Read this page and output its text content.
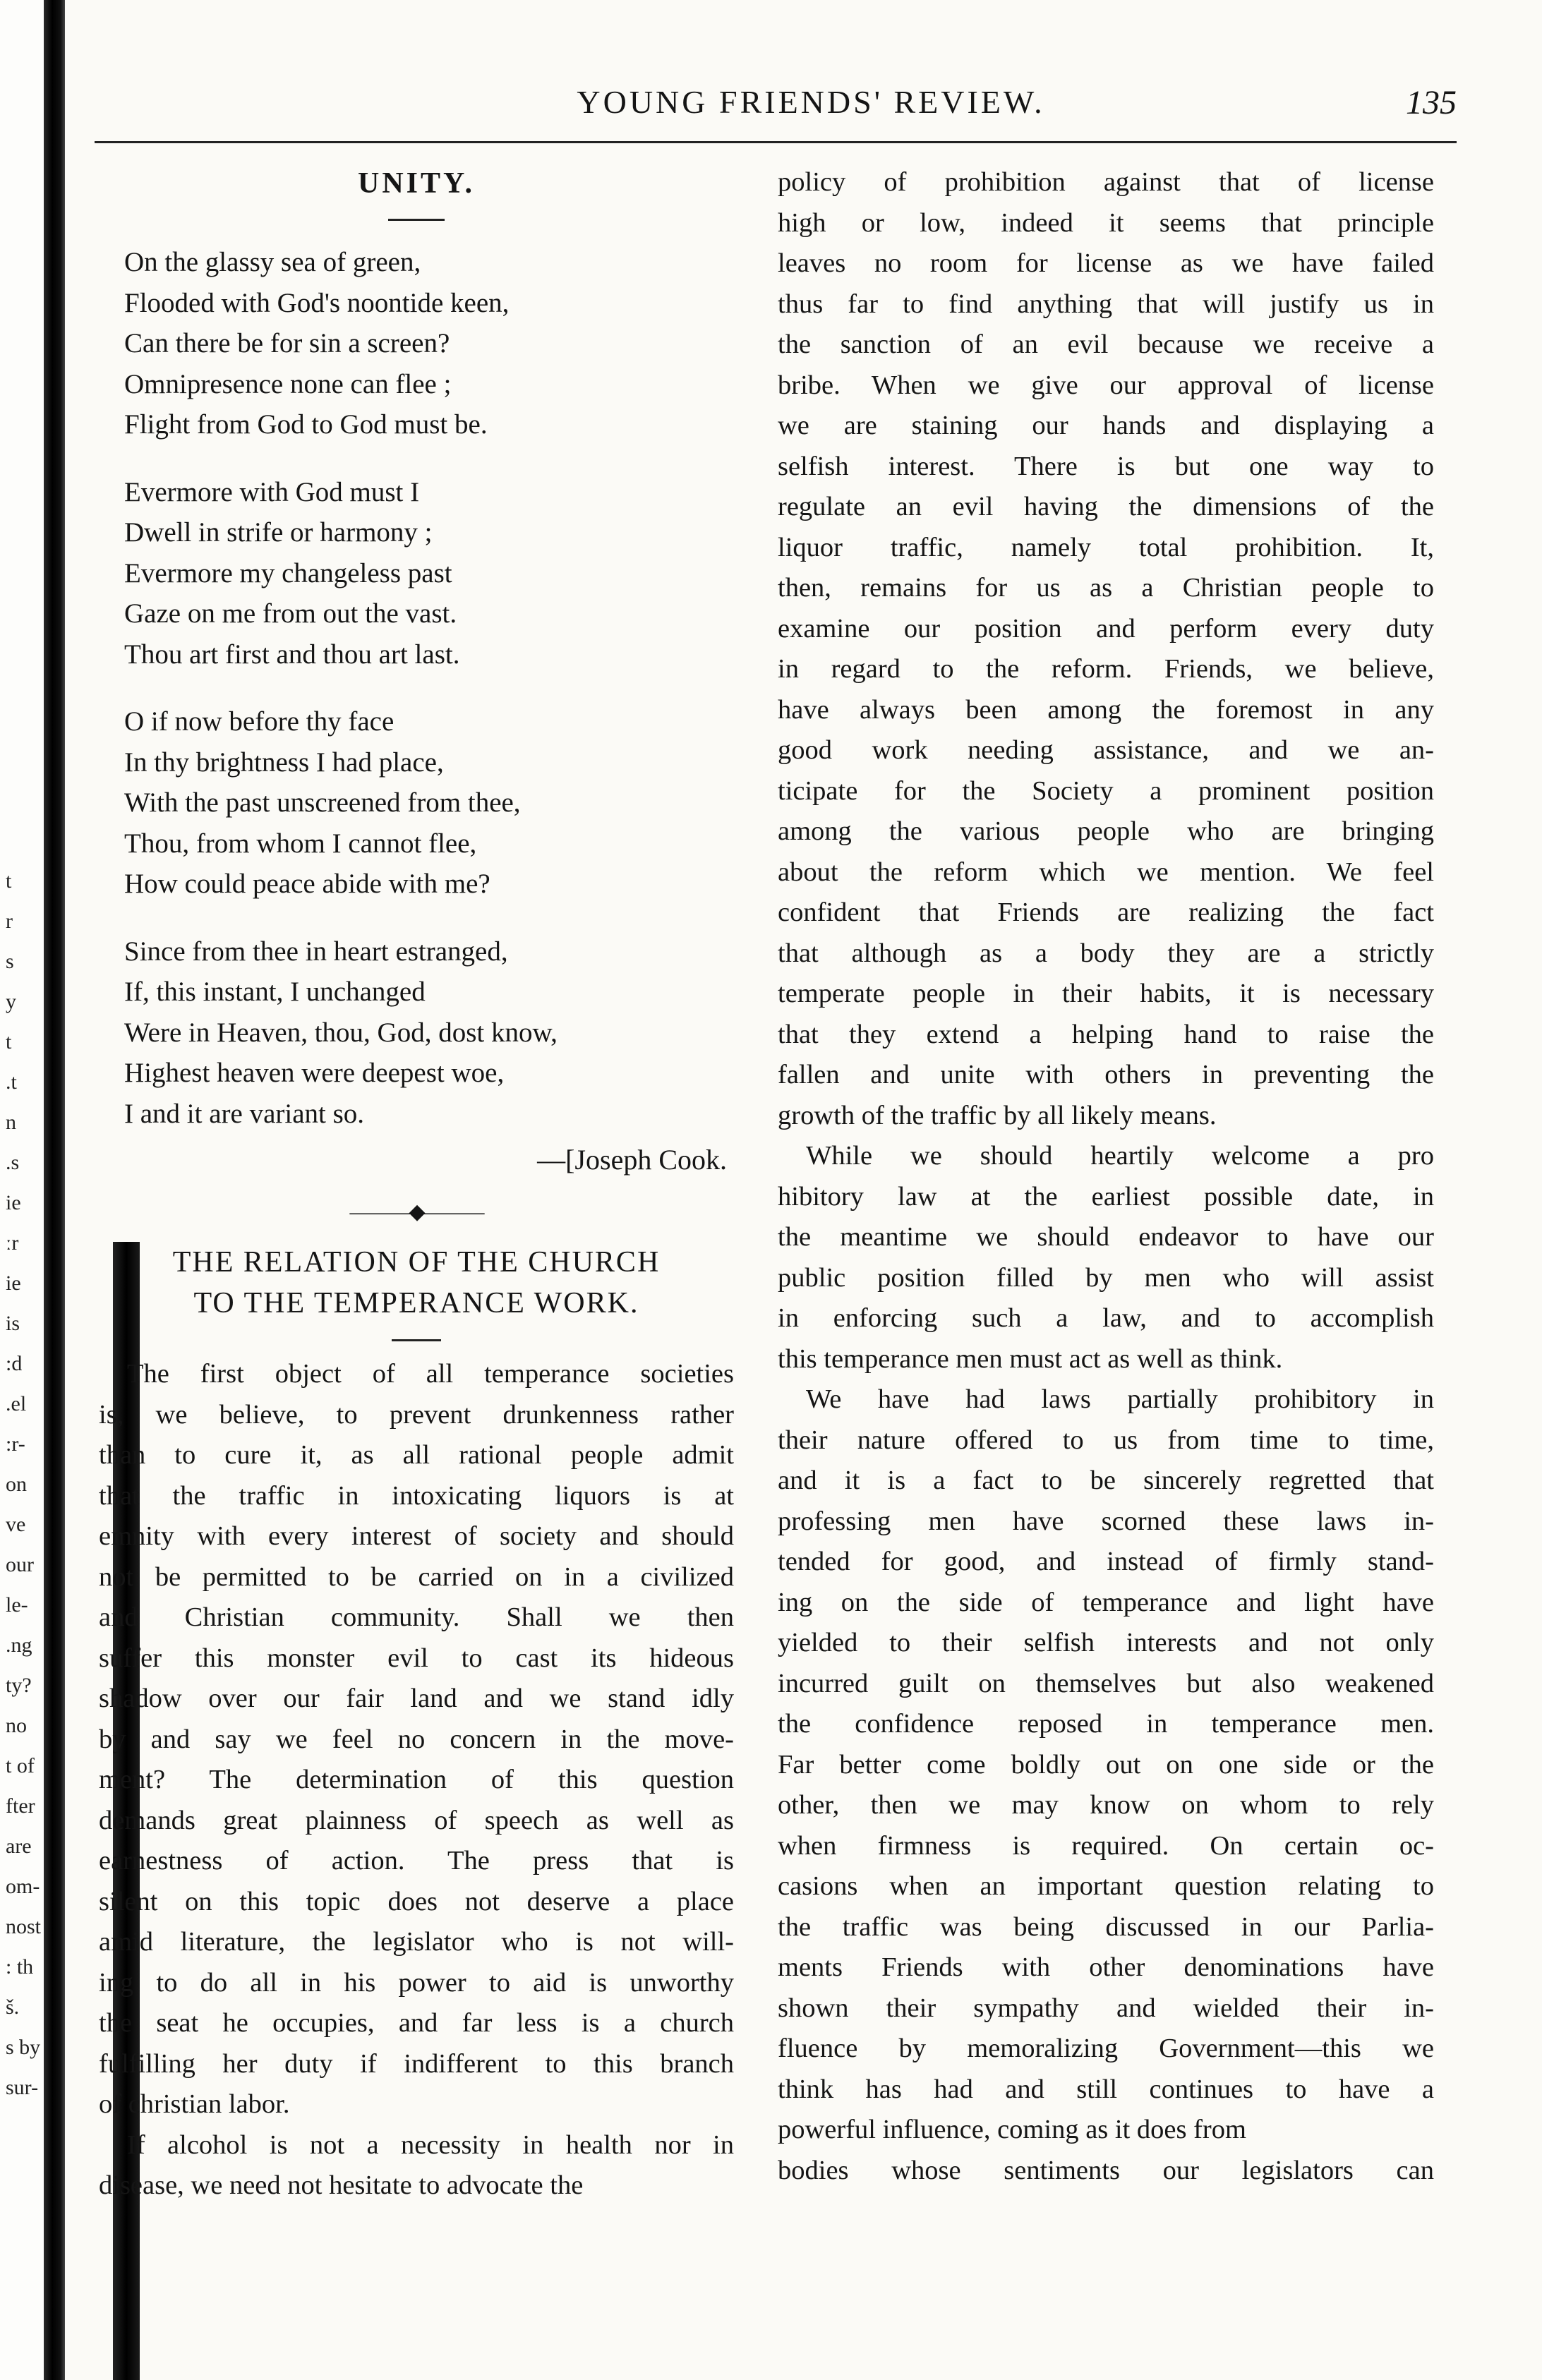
t
r
s
y
t
.t
n
.s
ie
ːr
ie
is
:d
.el
:r-
on
ve
our
le-
.ng
ty?
no
t of
fter
are
om-
nost
: th
š.
s by
sur-
YOUNG FRIENDS' REVIEW.	135
UNITY.
On the glassy sea of green,
Flooded with God's noontide keen,
Can there be for sin a screen?
Omnipresence none can flee ;
Flight from God to God must be.
Evermore with God must I
Dwell in strife or harmony ;
Evermore my changeless past
Gaze on me from out the vast.
Thou art first and thou art last.
O if now before thy face
In thy brightness I had place,
With the past unscreened from thee,
Thou, from whom I cannot flee,
How could peace abide with me?
Since from thee in heart estranged,
If, this instant, I unchanged
Were in Heaven, thou, God, dost know,
Highest heaven were deepest woe,
I and it are variant so.
—[Joseph Cook.
———◆———
THE RELATION OF THE CHURCH
TO THE TEMPERANCE WORK.
The first object of all temperance societies
is, we believe, to prevent drunkenness rather
than to cure it, as all rational people admit
that the traffic in intoxicating liquors is at
emnity with every interest of society and should
not be permitted to be carried on in a civilized
and Christian community. Shall we then
suffer this monster evil to cast its hideous
shadow over our fair land and we stand idly
by and say we feel no concern in the move-
ment? The determination of this question
demands great plainness of speech as well as
earnestness of action. The press that is
silent on this topic does not deserve a place
amid literature, the legislator who is not will-
ing to do all in his power to aid is unworthy
the seat he occupies, and far less is a church
fulfilling her duty if indifferent to this branch
of christian labor.
If alcohol is not a necessity in health nor in
disease, we need not hesitate to advocate the
policy of prohibition against that of license
high or low, indeed it seems that principle
leaves no room for license as we have failed
thus far to find anything that will justify us in
the sanction of an evil because we receive a
bribe. When we give our approval of license
we are staining our hands and displaying a
selfish interest. There is but one way to
regulate an evil having the dimensions of the
liquor traffic, namely total prohibition. It,
then, remains for us as a Christian people to
examine our position and perform every duty
in regard to the reform. Friends, we believe,
have always been among the foremost in any
good work needing assistance, and we an-
ticipate for the Society a prominent position
among the various people who are bringing
about the reform which we mention. We feel
confident that Friends are realizing the fact
that although as a body they are a strictly
temperate people in their habits, it is necessary
that they extend a helping hand to raise the
fallen and unite with others in preventing the
growth of the traffic by all likely means.
While we should heartily welcome a pro
hibitory law at the earliest possible date, in
the meantime we should endeavor to have our
public position filled by men who will assist
in enforcing such a law, and to accomplish
this temperance men must act as well as think.
We have had laws partially prohibitory in
their nature offered to us from time to time,
and it is a fact to be sincerely regretted that
professing men have scorned these laws in-
tended for good, and instead of firmly stand-
ing on the side of temperance and light have
yielded to their selfish interests and not only
incurred guilt on themselves but also weakened
the confidence reposed in temperance men.
Far better come boldly out on one side or the
other, then we may know on whom to rely
when firmness is required. On certain oc-
casions when an important question relating to
the traffic was being discussed in our Parlia-
ments Friends with other denominations have
shown their sympathy and wielded their in-
fluence by memoralizing Government—this we
think has had and still continues to have a
powerful influence, coming as it does from
bodies whose sentiments our legislators can
